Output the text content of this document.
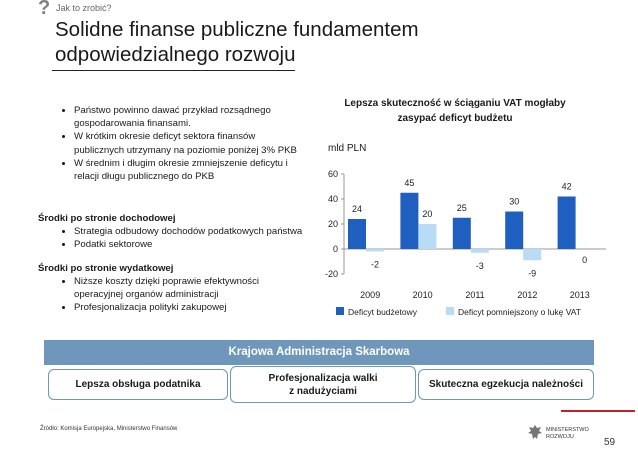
? Jak to zrobić?
Solidne finanse publiczne fundamentem
odpowiedzialnego rozwoju
• Państwo powinno dawać przykład rozsądnego gospodarowania finansami.
• W krótkim okresie deficyt sektora finansów publicznych utrzymany na poziomie poniżej 3% PKB
• W średnim i długim okresie zmniejszenie deficytu i relacji długu publicznego do PKB
Środki po stronie dochodowej
• Strategia odbudowy dochodów podatkowych państwa
• Podatki sektorowe
Środki po stronie wydatkowej
• Niższe koszty dzięki poprawie efektywności operacyjnej organów administracji
• Profesjonalizacja polityki zakupowej
Lepsza skuteczność w ściąganiu VAT mogłaby zasypać deficyt budżetu
mld PLN
60
40
20
0
-20
24
-2
2009
45
20
2010
25
-3
2011
30
-9
2012
42
0
2013
Deficyt budżetowy	Deficyt pomniejszony o lukę VAT
Krajowa Administracja Skarbowa
Lepsza obsługa podatnika
Profesjonalizacja walki
z nadużyciami
Skuteczna egzekucja należności
Źródło: Komisja Europejska, Ministerstwo Finansów	MINISTERSTWO
ROZWOJU	59
